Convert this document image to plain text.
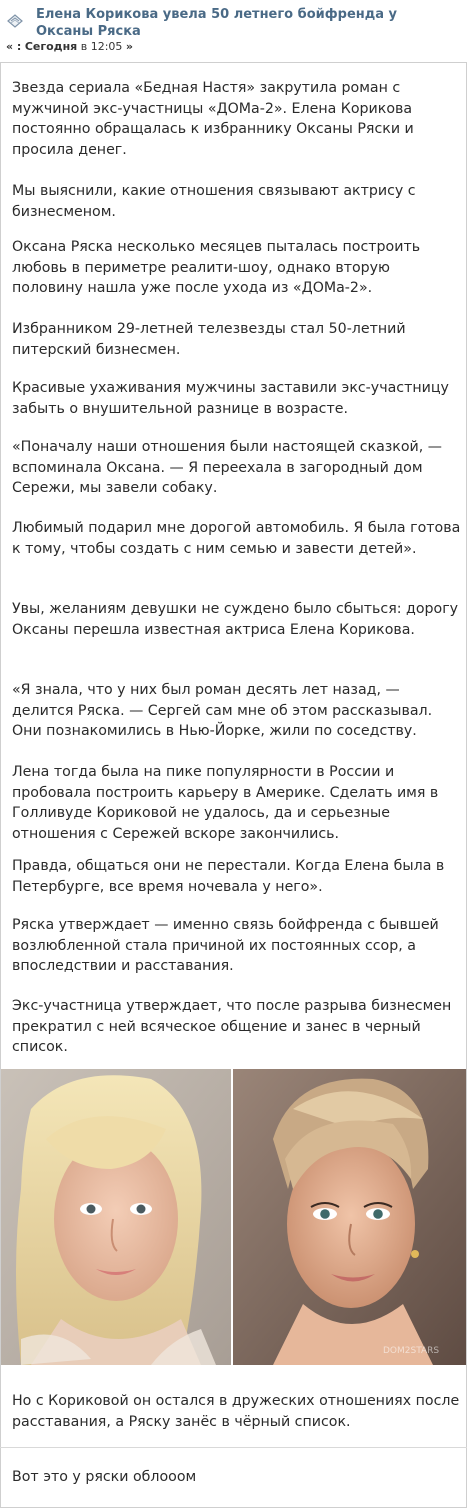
Елена Корикова увела 50 летнего бойфренда у Оксаны Ряска
« : Сегодня в 12:05 »

Звезда сериала «Бедная Настя» закрутила роман с мужчиной экс-участницы «ДОМа-2». Елена Корикова постоянно обращалась к избраннику Оксаны Ряски и просила денег.

Мы выяснили, какие отношения связывают актрису с бизнесменом.

Оксана Ряска несколько месяцев пыталась построить любовь в периметре реалити-шоу, однако вторую половину нашла уже после ухода из «ДОМа-2».

Избранником 29-летней телезвезды стал 50-летний питерский бизнесмен.

Красивые ухаживания мужчины заставили экс-участницу забыть о внушительной разнице в возрасте.

«Поначалу наши отношения были настоящей сказкой, — вспоминала Оксана. — Я переехала в загородный дом Сережи, мы завели собаку.

Любимый подарил мне дорогой автомобиль. Я была готова к тому, чтобы создать с ним семью и завести детей».

Увы, желаниям девушки не суждено было сбыться: дорогу Оксаны перешла известная актриса Елена Корикова.

«Я знала, что у них был роман десять лет назад, — делится Ряска. — Сергей сам мне об этом рассказывал. Они познакомились в Нью-Йорке, жили по соседству.

Лена тогда была на пике популярности в России и пробовала построить карьеру в Америке. Сделать имя в Голливуде Кориковой не удалось, да и серьезные отношения с Сережей вскоре закончились.

Правда, общаться они не перестали. Когда Елена была в Петербурге, все время ночевала у него».

Ряска утверждает — именно связь бойфренда с бывшей возлюбленной стала причиной их постоянных ссор, а впоследствии и расставания.

Экс-участница утверждает, что после разрыва бизнесмен прекратил с ней всяческое общение и занес в черный список.

DOM2STARS

Но с Кориковой он остался в дружеских отношениях после расставания, а Ряску занёс в чёрный список.

Вот это у ряски облооом
